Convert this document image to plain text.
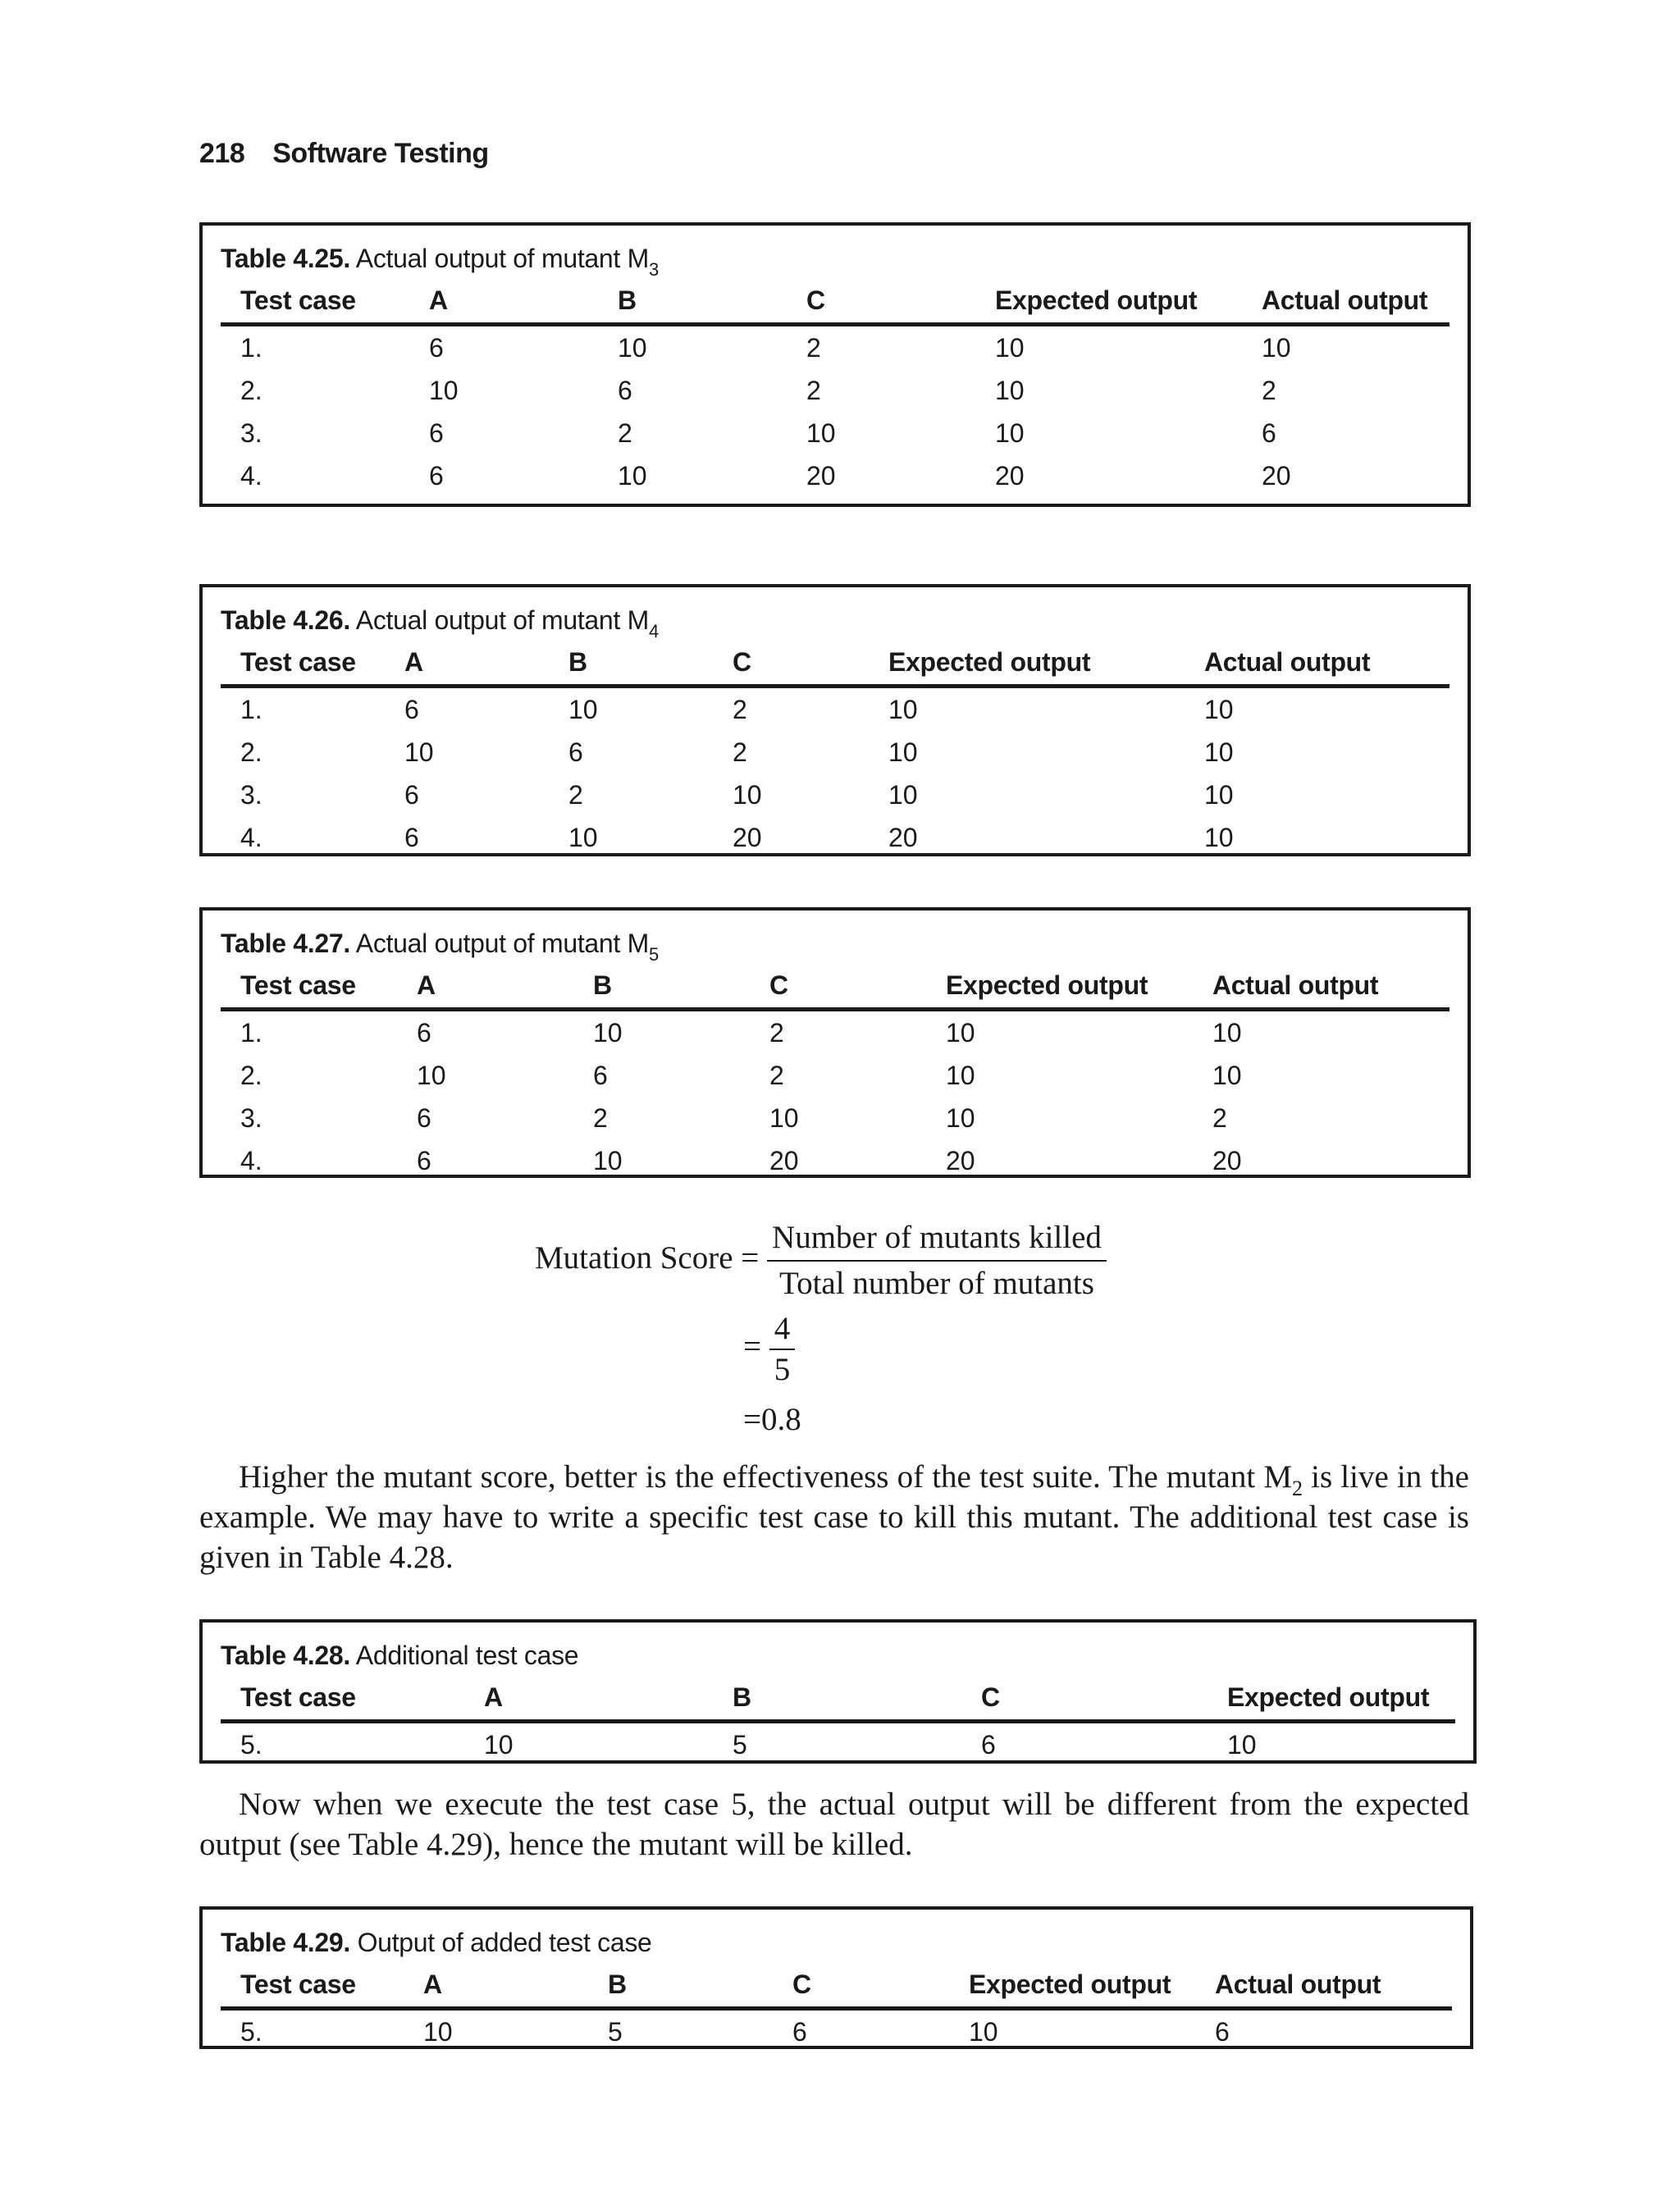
218 Software Testing
Table 4.25. Actual output of mutant $M_3$
Test case	A	B	C	Expected output	Actual output
1.	6	10	2	10	10
2.	10	6	2	10	2
3.	6	2	10	10	6
4.	6	10	20	20	20
Table 4.26. Actual output of mutant $M_4$
Test case	A	B	C	Expected output	Actual output
1.	6	10	2	10	10
2.	10	6	2	10	10
3.	6	2	10	10	10
4.	6	10	20	20	10
Table 4.27. Actual output of mutant $M_5$
Test case	A	B	C	Expected output	Actual output
1.	6	10	2	10	10
2.	10	6	2	10	10
3.	6	2	10	10	2
4.	6	10	20	20	20
Mutation Score = $\frac{\text{Number of mutants killed}}{\text{Total number of mutants}}$
= $\frac{4}{5}$
=0.8
Higher the mutant score, better is the effectiveness of the test suite. The mutant $M_2$ is live in the example. We may have to write a specific test case to kill this mutant. The additional test case is given in Table 4.28.
Table 4.28. Additional test case
Test case	A	B	C	Expected output
5.	10	5	6	10
Now when we execute the test case 5, the actual output will be different from the expected output (see Table 4.29), hence the mutant will be killed.
Table 4.29. Output of added test case
Test case	A	B	C	Expected output	Actual output
5.	10	5	6	10	6
